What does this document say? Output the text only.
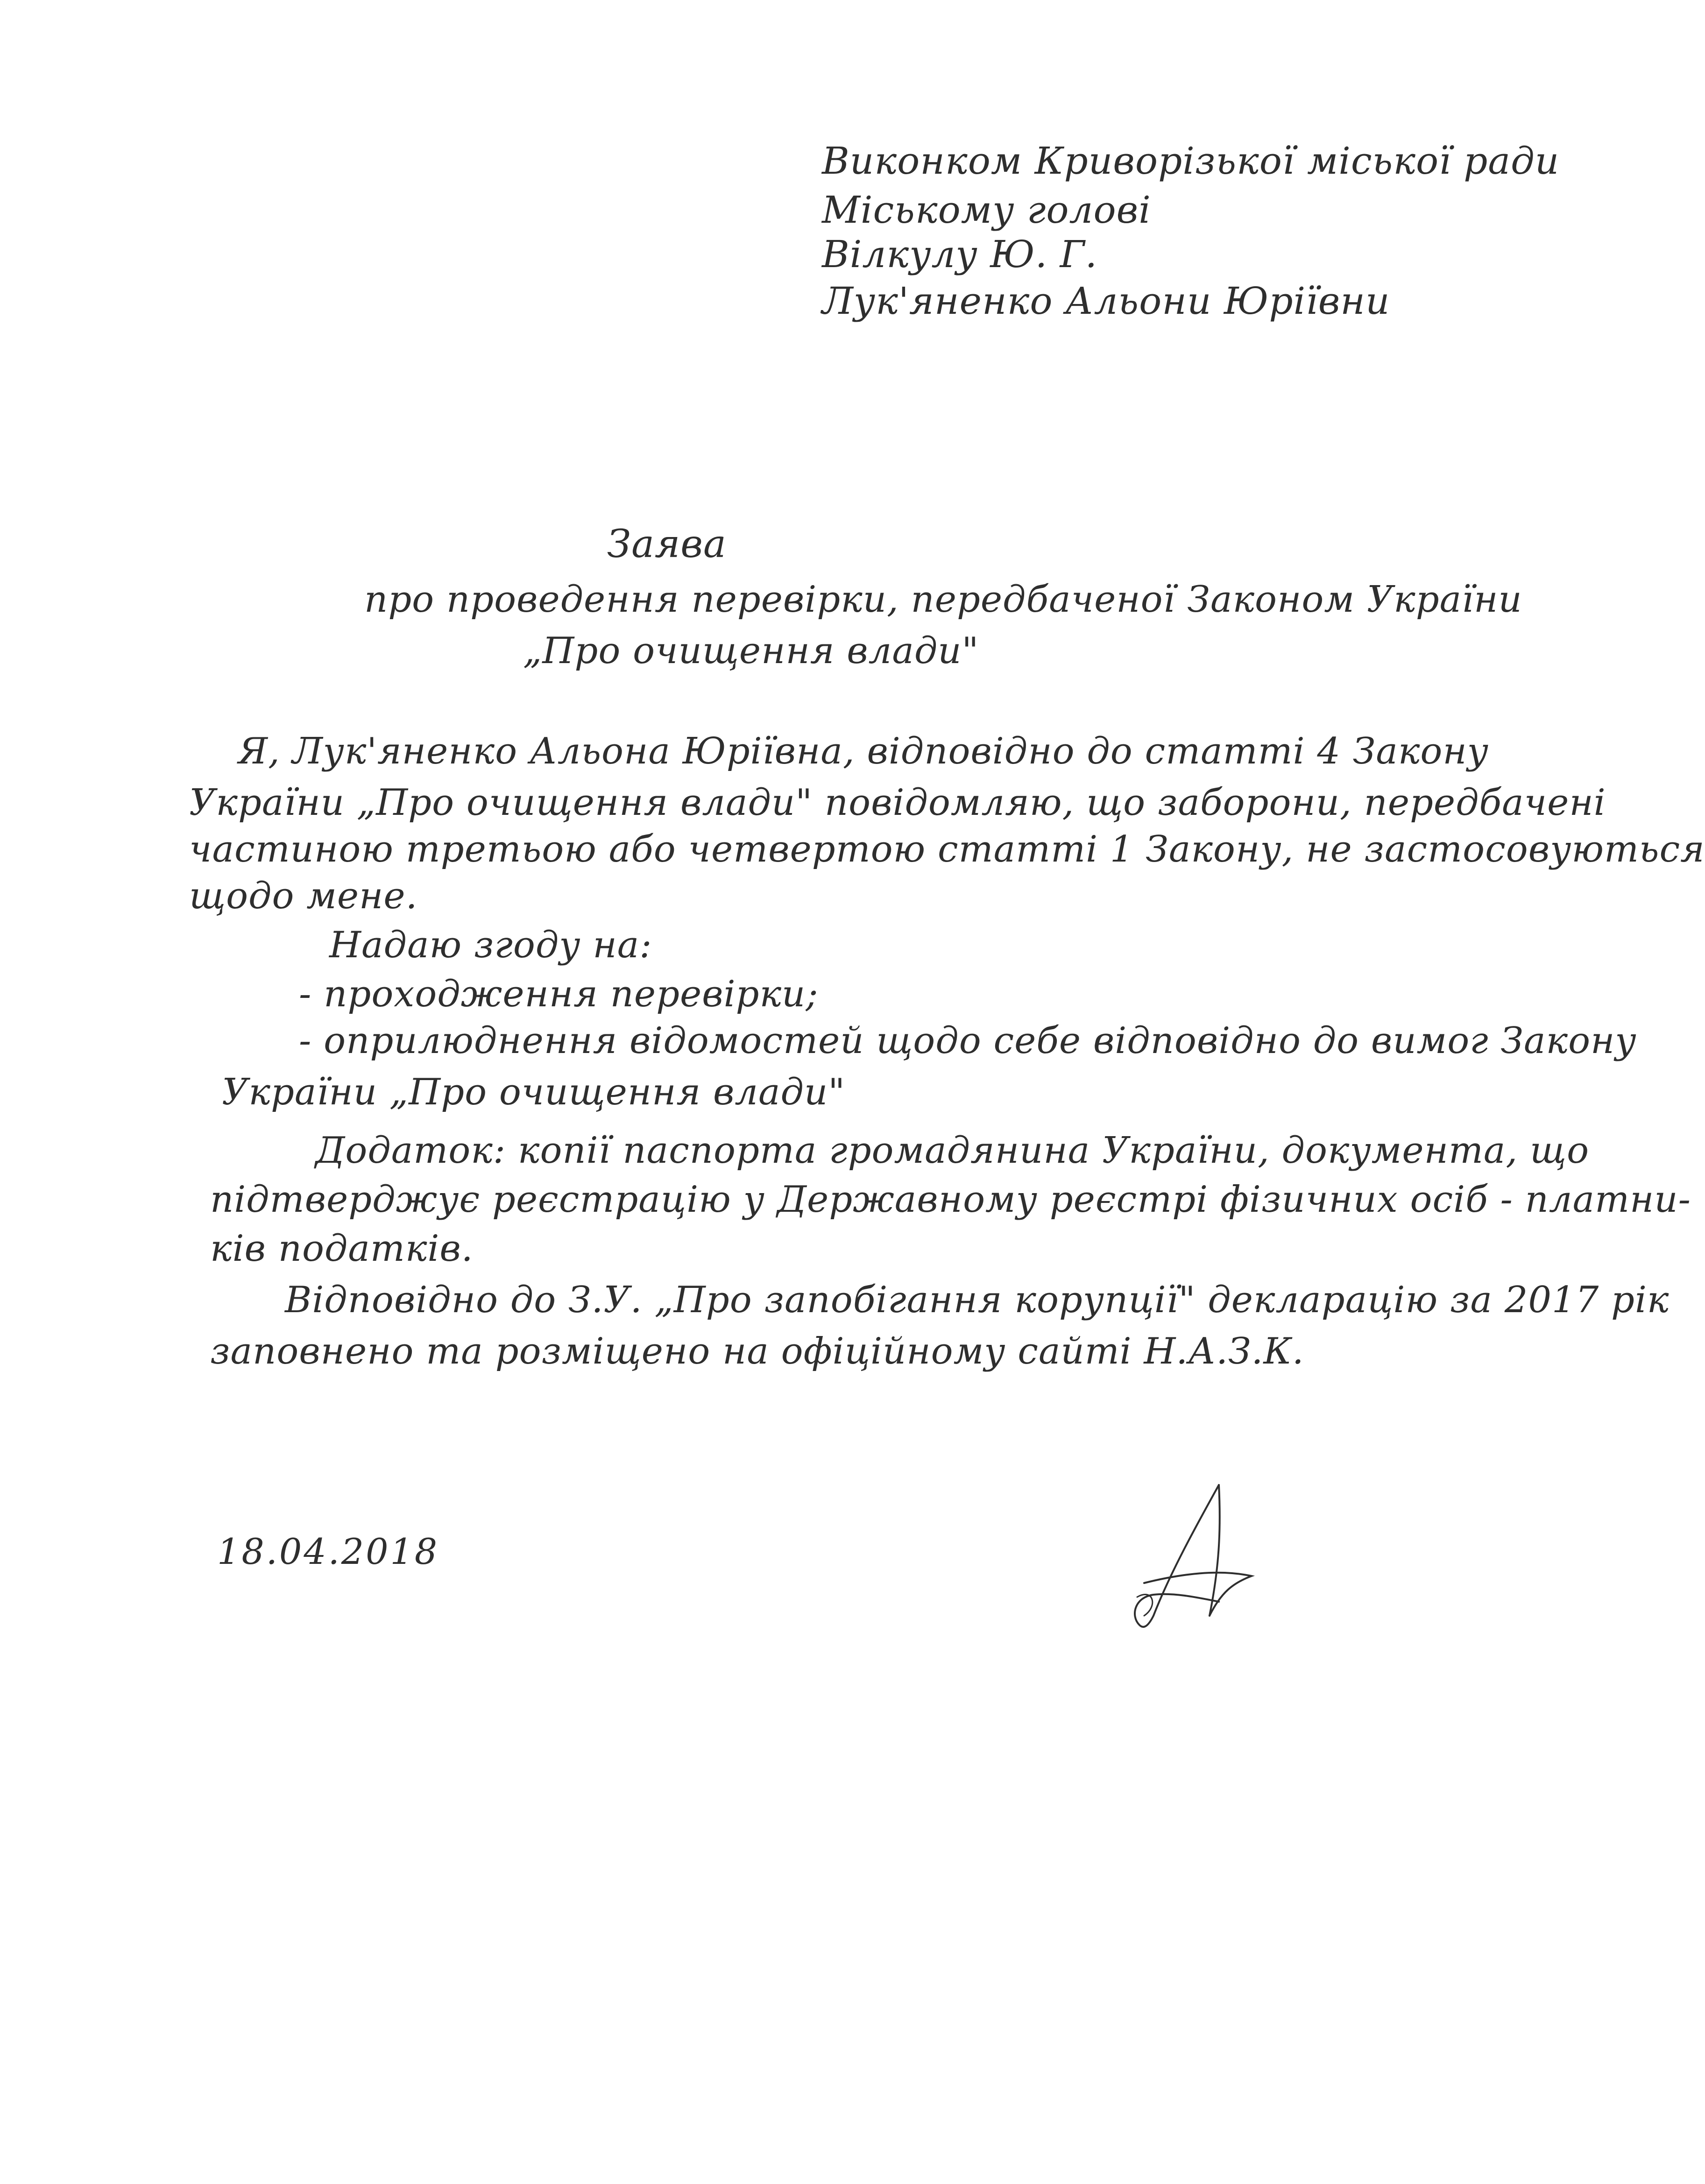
Виконком Криворізької міської ради
Міському голові
Вілкулу Ю. Г.
Лук'яненко Альони Юріївни
Заява
про проведення перевірки, передбаченої Законом України
„Про очищення влади"
Я, Лук'яненко Альона Юріївна, відповідно до статті 4 Закону
України „Про очищення влади" повідомляю, що заборони, передбачені
частиною третьою або четвертою статті 1 Закону, не застосовуються
щодо мене.
Надаю згоду на:
- проходження перевірки;
- оприлюднення відомостей щодо себе відповідно до вимог Закону
України „Про очищення влади"
Додаток: копії паспорта громадянина України, документа, що
підтверджує реєстрацію у Державному реєстрі фізичних осіб - платни-
ків податків.
Відповідно до З.У. „Про запобігання корупції" декларацію за 2017 рік
заповнено та розміщено на офіційному сайті Н.А.З.К.
18.04.2018
